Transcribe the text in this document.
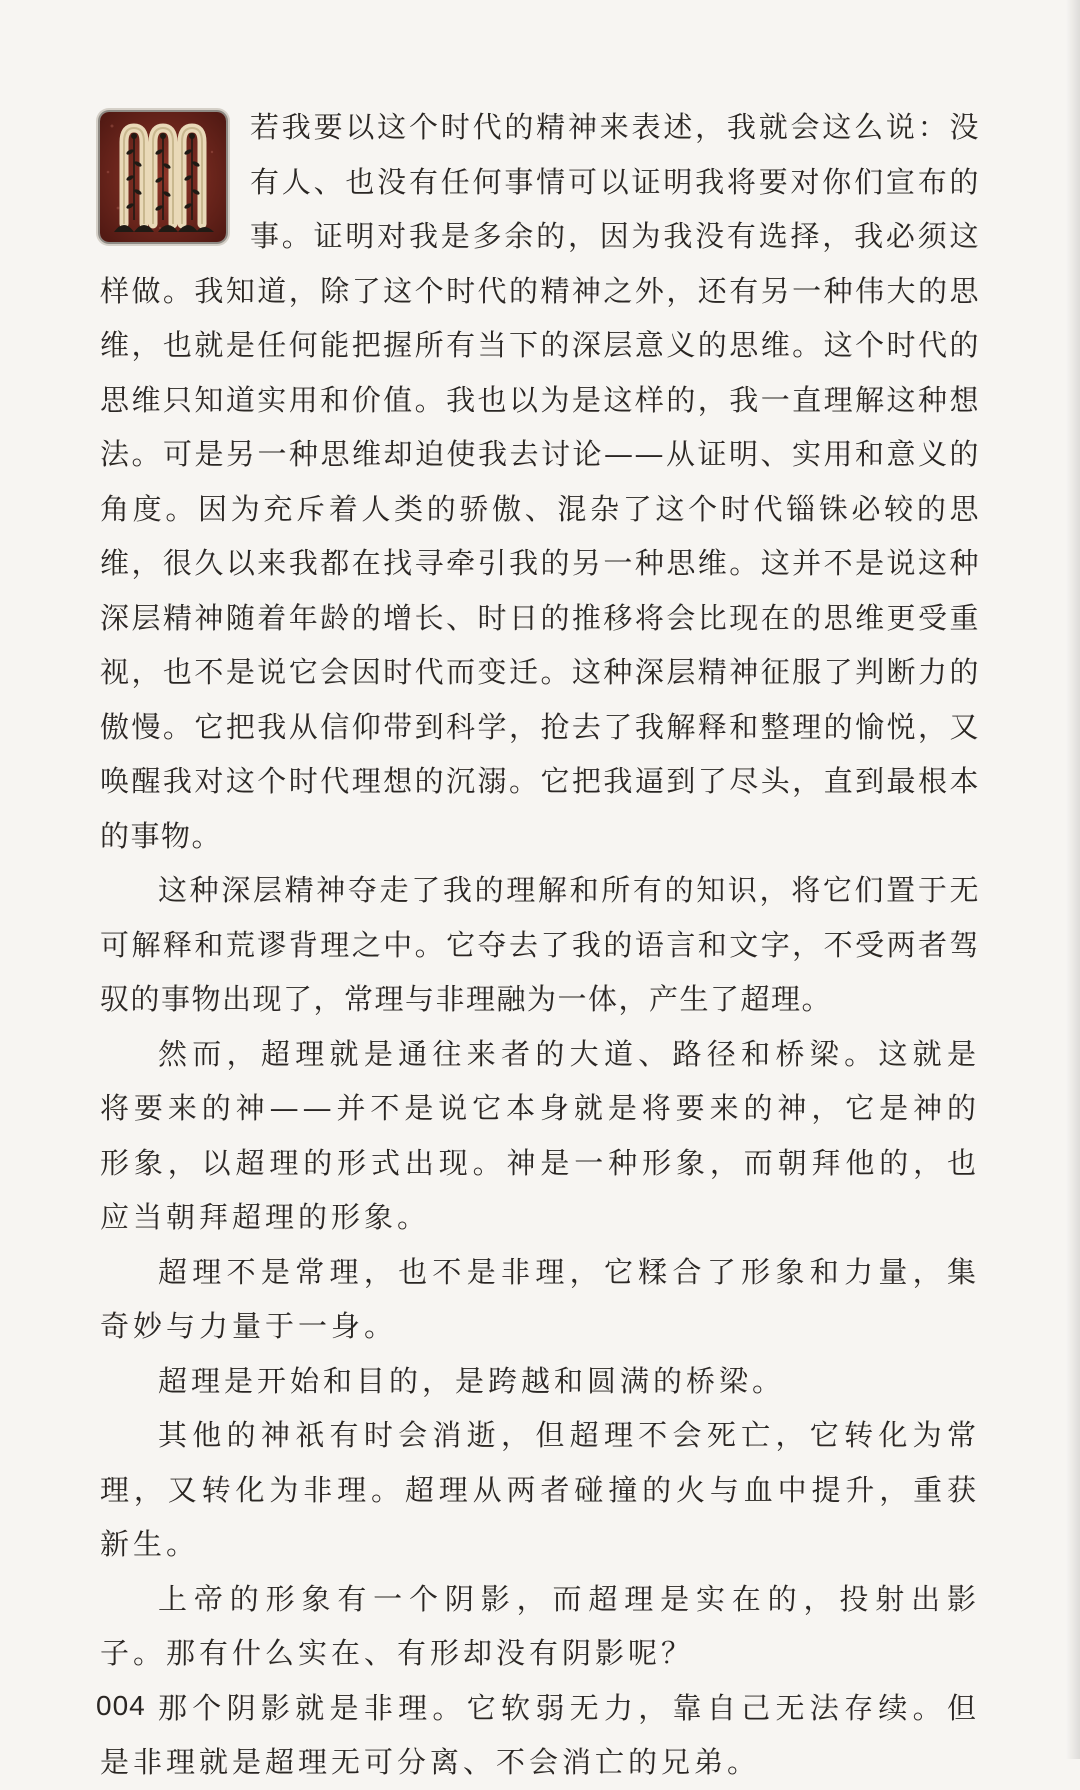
若我要以这个时代的精神来表述，我就会这么说：没有人、也没有任何事情可以证明我将要对你们宣布的事。证明对我是多余的，因为我没有选择，我必须这样做。我知道，除了这个时代的精神之外，还有另一种伟大的思维，也就是任何能把握所有当下的深层意义的思维。这个时代的思维只知道实用和价值。我也以为是这样的，我一直理解这种想法。可是另一种思维却迫使我去讨论——从证明、实用和意义的角度。因为充斥着人类的骄傲、混杂了这个时代锱铢必较的思维，很久以来我都在找寻牵引我的另一种思维。这并不是说这种深层精神随着年龄的增长、时日的推移将会比现在的思维更受重视，也不是说它会因时代而变迁。这种深层精神征服了判断力的傲慢。它把我从信仰带到科学，抢去了我解释和整理的愉悦，又唤醒我对这个时代理想的沉溺。它把我逼到了尽头，直到最根本的事物。

这种深层精神夺走了我的理解和所有的知识，将它们置于无可解释和荒谬背理之中。它夺去了我的语言和文字，不受两者驾驭的事物出现了，常理与非理融为一体，产生了超理。

然而，超理就是通往来者的大道、路径和桥梁。这就是将要来的神——并不是说它本身就是将要来的神，它是神的形象，以超理的形式出现。神是一种形象，而朝拜他的，也应当朝拜超理的形象。

超理不是常理，也不是非理，它糅合了形象和力量，集奇妙与力量于一身。

超理是开始和目的，是跨越和圆满的桥梁。

其他的神祇有时会消逝，但超理不会死亡，它转化为常理，又转化为非理。超理从两者碰撞的火与血中提升，重获新生。

上帝的形象有一个阴影，而超理是实在的，投射出影子。那有什么实在、有形却没有阴影呢？

那个阴影就是非理。它软弱无力，靠自己无法存续。但是非理就是超理无可分离、不会消亡的兄弟。

004
